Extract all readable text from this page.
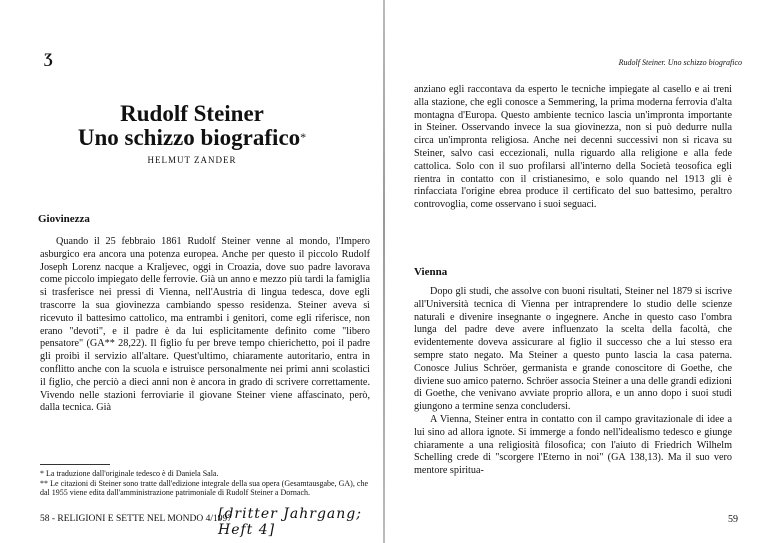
Ʒ
Rudolf Steiner
Uno schizzo biografico*
HELMUT ZANDER
Giovinezza

Quando il 25 febbraio 1861 Rudolf Steiner venne al mondo, l'Impero asburgico era ancora una potenza europea. Anche per questo il piccolo Rudolf Joseph Lorenz nacque a Kraljevec, oggi in Croazia, dove suo padre lavorava come piccolo impiegato delle ferrovie. Già un anno e mezzo più tardi la famiglia si trasferisce nei pressi di Vienna, nell'Austria di lingua tedesca, dove egli trascorre la sua giovinezza cambiando spesso residenza. Steiner aveva sì ricevuto il battesimo cattolico, ma entrambi i genitori, come egli riferisce, non erano "devoti", e il padre è da lui esplicitamente definito come "libero pensatore" (GA** 28,22). Il figlio fu per breve tempo chierichetto, poi il padre gli proibì il servizio all'altare. Quest'ultimo, chiaramente autoritario, entra in conflitto anche con la scuola e istruisce personalmente nei primi anni scolastici il figlio, che perciò a dieci anni non è ancora in grado di scrivere correttamente. Vivendo nelle stazioni ferroviarie il giovane Steiner viene affascinato, però, dalla tecnica. Già

* La traduzione dall'originale tedesco è di Daniela Sala.
** Le citazioni di Steiner sono tratte dall'edizione integrale della sua opera (Gesamtausgabe, GA), che dal 1955 viene edita dall'amministrazione patrimoniale di Rudolf Steiner a Dornach.
58 - RELIGIONI E SETTE NEL MONDO 4/1997
[dritter Jahrgang; Heft 4]
Rudolf Steiner. Uno schizzo biografico

anziano egli raccontava da esperto le tecniche impiegate al casello e ai treni alla stazione, che egli conosce a Semmering, la prima moderna ferrovia d'alta montagna d'Europa. Questo ambiente tecnico lascia un'impronta importante in Steiner. Osservando invece la sua giovinezza, non si può dedurre nulla circa un'impronta religiosa. Anche nei decenni successivi non si ricava su Steiner, salvo casi eccezionali, nulla riguardo alla religione e alla fede cattolica. Solo con il suo profilarsi all'interno della Società teosofica egli rientra in contatto con il cristianesimo, e solo quando nel 1913 gli è rinfacciata l'origine ebrea produce il certificato del suo battesimo, peraltro controvoglia, come osservano i suoi seguaci.

Vienna

Dopo gli studi, che assolve con buoni risultati, Steiner nel 1879 si iscrive all'Università tecnica di Vienna per intraprendere lo studio delle scienze naturali e divenire insegnante o ingegnere. Anche in questo caso l'ombra lunga del padre deve avere influenzato la scelta della facoltà, che evidentemente doveva assicurare al figlio il successo che a lui stesso era sempre stato negato. Ma Steiner a questo punto lascia la casa paterna. Conosce Julius Schröer, germanista e grande conoscitore di Goethe, che diviene suo amico paterno. Schröer associa Steiner a una delle grandi edizioni di Goethe, che venivano avviate proprio allora, e un anno dopo i suoi studi giungono a termine senza concludersi.

A Vienna, Steiner entra in contatto con il campo gravitazionale di idee a lui sino ad allora ignote. Si immerge a fondo nell'idealismo tedesco e giunge chiaramente a una religiosità filosofica; con l'aiuto di Friedrich Wilhelm Schelling crede di "scorgere l'Eterno in noi" (GA 138,13). Ma il suo vero mentore spiritua-

59
